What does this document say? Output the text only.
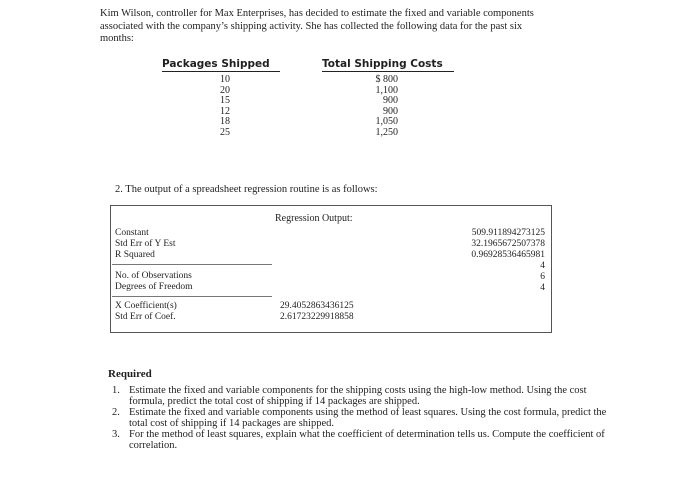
Kim Wilson, controller for Max Enterprises, has decided to estimate the fixed and variable components associated with the company’s shipping activity. She has collected the following data for the past six months:
Packages Shipped	Total Shipping Costs
10
20
15
12
18
25
$ 800
1,100
900
900
1,050
1,250
2. The output of a spreadsheet regression routine is as follows:
Regression Output:
Constant
Std Err of Y Est
R Squared
No. of Observations
Degrees of Freedom
X Coefficient(s)
Std Err of Coef.
509.911894273125
32.1965672507378
0.96928536465981
4
6
4
29.4052863436125
2.61723229918858
Required
1. Estimate the fixed and variable components for the shipping costs using the high-low method. Using the cost formula, predict the total cost of shipping if 14 packages are shipped.
2. Estimate the fixed and variable components using the method of least squares. Using the cost formula, predict the total cost of shipping if 14 packages are shipped.
3. For the method of least squares, explain what the coefficient of determination tells us. Compute the coefficient of correlation.
